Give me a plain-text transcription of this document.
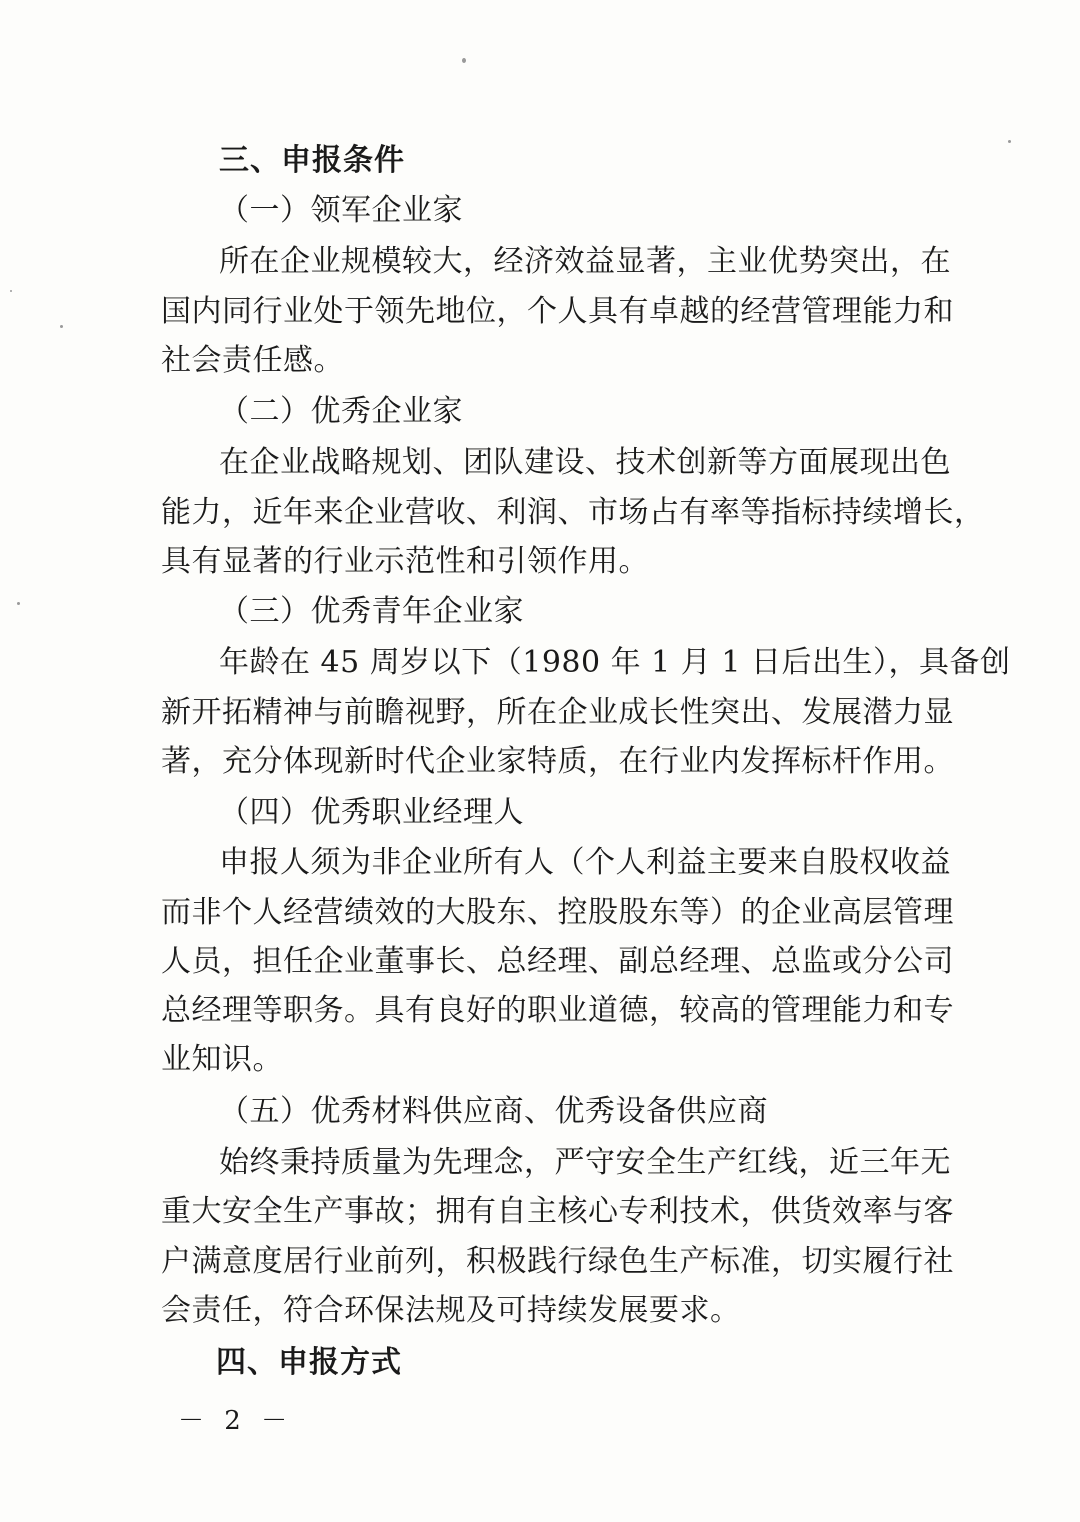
三、申报条件
（一）领军企业家
所在企业规模较大，经济效益显著，主业优势突出，在
国内同行业处于领先地位，个人具有卓越的经营管理能力和
社会责任感。
（二）优秀企业家
在企业战略规划、团队建设、技术创新等方面展现出色
能力，近年来企业营收、利润、市场占有率等指标持续增长，
具有显著的行业示范性和引领作用。
（三）优秀青年企业家
年龄在 45 周岁以下（1980 年 1 月 1 日后出生），具备创
新开拓精神与前瞻视野，所在企业成长性突出、发展潜力显
著，充分体现新时代企业家特质，在行业内发挥标杆作用。
（四）优秀职业经理人
申报人须为非企业所有人（个人利益主要来自股权收益
而非个人经营绩效的大股东、控股股东等）的企业高层管理
人员，担任企业董事长、总经理、副总经理、总监或分公司
总经理等职务。具有良好的职业道德，较高的管理能力和专
业知识。
（五）优秀材料供应商、优秀设备供应商
始终秉持质量为先理念，严守安全生产红线，近三年无
重大安全生产事故；拥有自主核心专利技术，供货效率与客
户满意度居行业前列，积极践行绿色生产标准，切实履行社
会责任，符合环保法规及可持续发展要求。
四、申报方式
－ 2 －
